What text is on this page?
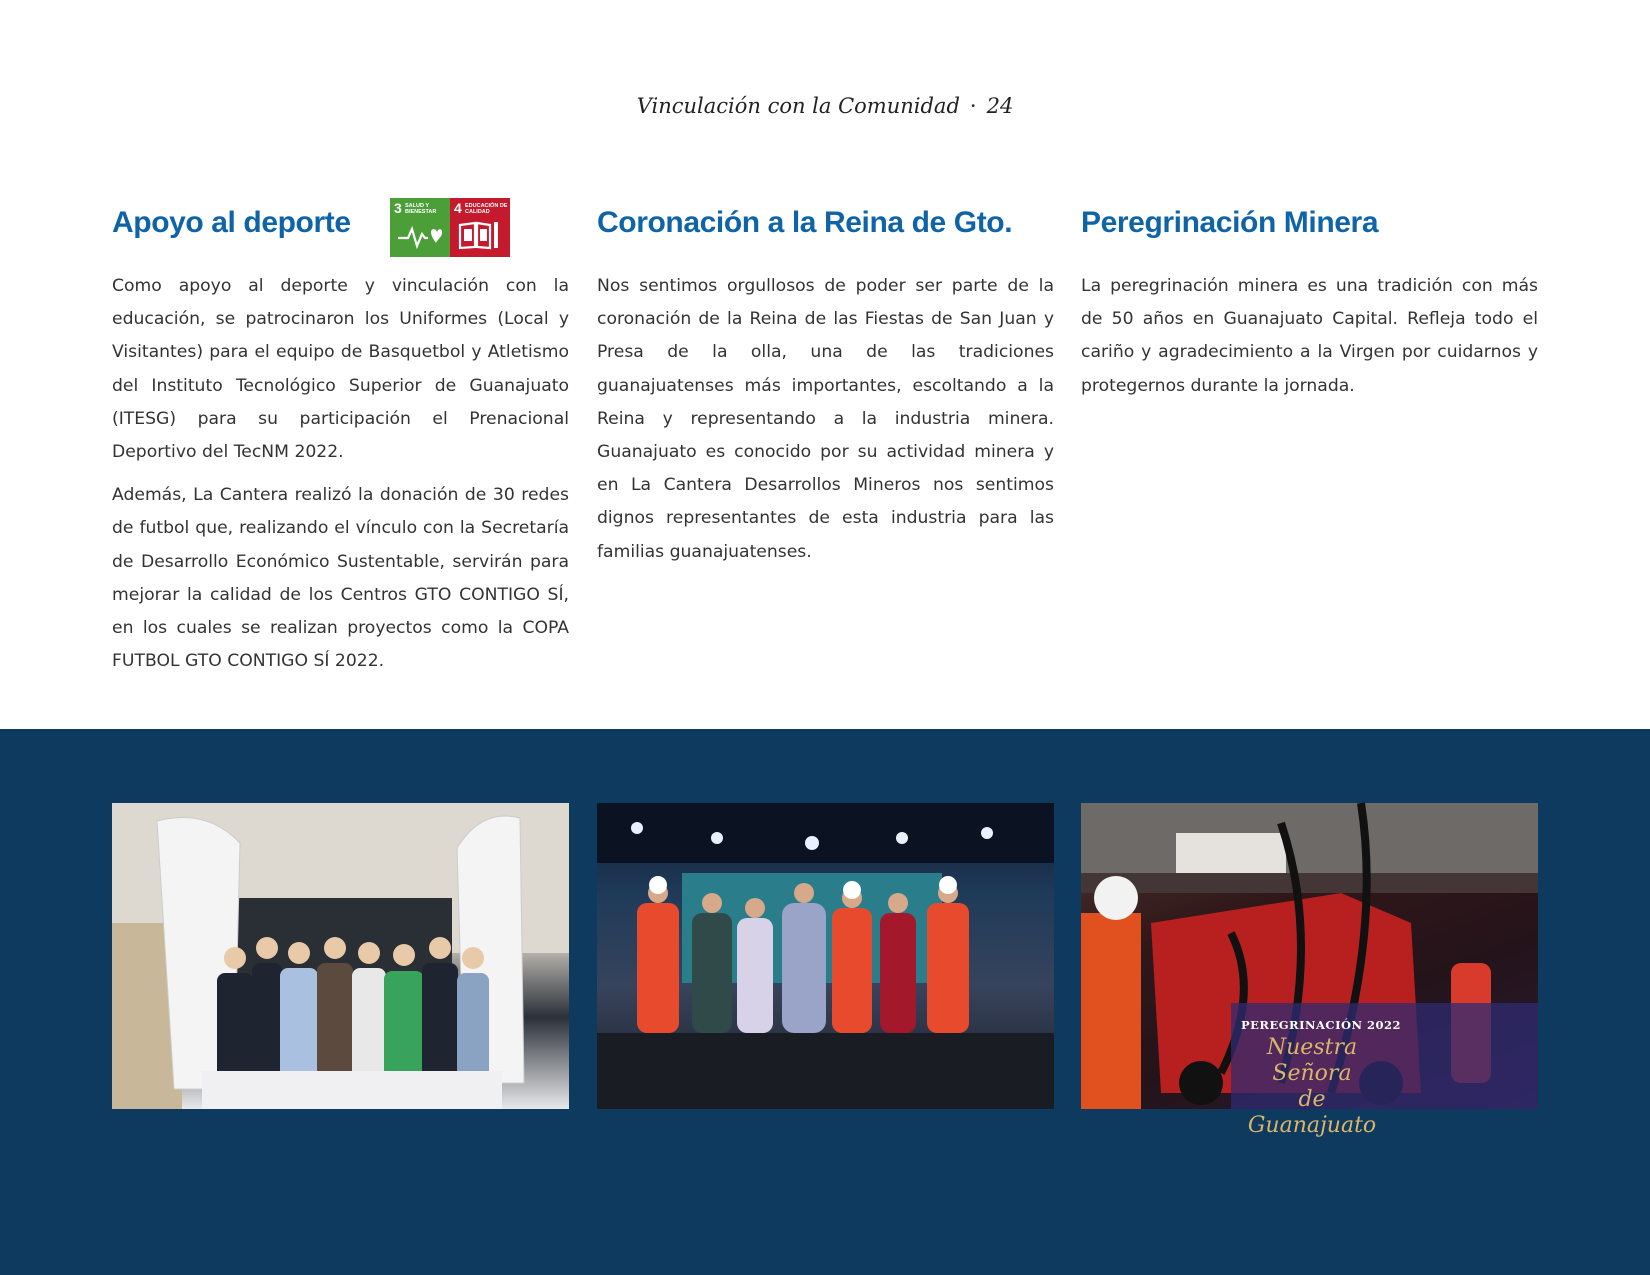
Vinculación con la Comunidad · 24
Apoyo al deporte	3 SALUD Y BIENESTAR	4 EDUCACIÓN DE CALIDAD

Como apoyo al deporte y vinculación con la educación, se patrocinaron los Uniformes (Local y Visitantes) para el equipo de Basquetbol y Atletismo del Instituto Tecnológico Superior de Guanajuato (ITESG) para su participación el Prenacional Deportivo del TecNM 2022.

Además, La Cantera realizó la donación de 30 redes de futbol que, realizando el vínculo con la Secretaría de Desarrollo Económico Sustentable, servirán para mejorar la calidad de los Centros GTO CONTIGO SÍ, en los cuales se realizan proyectos como la COPA FUTBOL GTO CONTIGO SÍ 2022.

Coronación a la Reina de Gto.

Nos sentimos orgullosos de poder ser parte de la coronación de la Reina de las Fiestas de San Juan y Presa de la olla, una de las tradiciones guanajuatenses más importantes, escoltando a la Reina y representando a la industria minera. Guanajuato es conocido por su actividad minera y en La Cantera Desarrollos Mineros nos sentimos dignos representantes de esta industria para las familias guanajuatenses.

Peregrinación Minera

La peregrinación minera es una tradición con más de 50 años en Guanajuato Capital. Refleja todo el cariño y agradecimiento a la Virgen por cuidarnos y protegernos durante la jornada.

PEREGRINACIÓN 2022
Nuestra Señora
de Guanajuato
